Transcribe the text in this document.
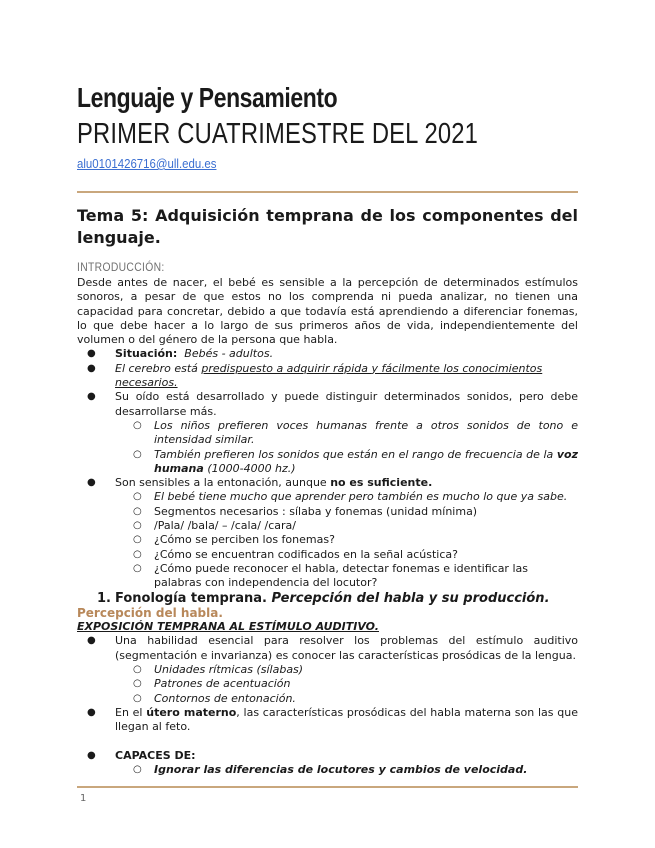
Lenguaje y Pensamiento
PRIMER CUATRIMESTRE DEL 2021
alu0101426716@ull.edu.es
Tema 5: Adquisición temprana de los componentes del lenguaje.
INTRODUCCIÓN:

Desde antes de nacer, el bebé es sensible a la percepción de determinados estímulos sonoros, a pesar de que estos no los comprenda ni pueda analizar, no tienen una capacidad para concretar, debido a que todavía está aprendiendo a diferenciar fonemas, lo que debe hacer a lo largo de sus primeros años de vida, independientemente del volumen o del género de la persona que habla.

● Situación: Bebés - adultos.
● El cerebro está predispuesto a adquirir rápida y fácilmente los conocimientos necesarios.
● Su oído está desarrollado y puede distinguir determinados sonidos, pero debe desarrollarse más.
○ Los niños prefieren voces humanas frente a otros sonidos de tono e intensidad similar.
○ También prefieren los sonidos que están en el rango de frecuencia de la voz humana (1000-4000 hz.)
● Son sensibles a la entonación, aunque no es suficiente.
○ El bebé tiene mucho que aprender pero también es mucho lo que ya sabe.
○ Segmentos necesarios : sílaba y fonemas (unidad mínima)
○ /Pala/ /bala/ – /cala/ /cara/
○ ¿Cómo se perciben los fonemas?
○ ¿Cómo se encuentran codificados en la señal acústica?
○ ¿Cómo puede reconocer el habla, detectar fonemas e identificar las palabras con independencia del locutor?
1. Fonología temprana. Percepción del habla y su producción.
Percepción del habla.
EXPOSICIÓN TEMPRANA AL ESTÍMULO AUDITIVO.
● Una habilidad esencial para resolver los problemas del estímulo auditivo (segmentación e invarianza) es conocer las características prosódicas de la lengua.
○ Unidades rítmicas (sílabas)
○ Patrones de acentuación
○ Contornos de entonación.
● En el útero materno, las características prosódicas del habla materna son las que llegan al feto.
● CAPACES DE:
○ Ignorar las diferencias de locutores y cambios de velocidad.
1
